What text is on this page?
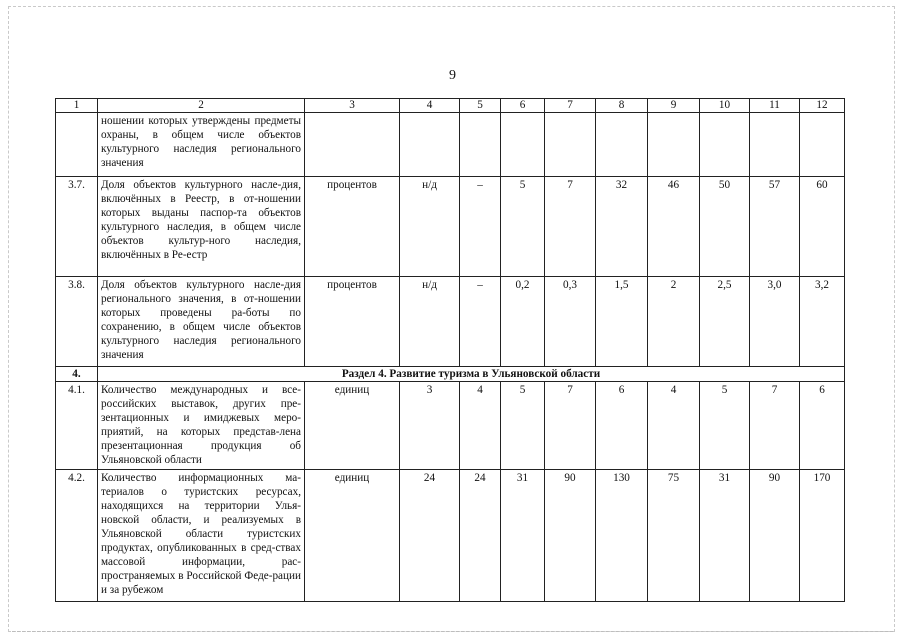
9
1	2	3	4	5	6	7	8	9	10	11	12
	ношении которых утверждены предметы охраны, в общем числе объектов культурного наследия регионального значения										
3.7.	Доля объектов культурного насле-дия, включённых в Реестр, в от-ношении которых выданы паспор-та объектов культурного наследия, в общем числе объектов культур-ного наследия, включённых в Ре-естр	процентов	н/д	–	5	7	32	46	50	57	60
3.8.	Доля объектов культурного насле-дия регионального значения, в от-ношении которых проведены ра-боты по сохранению, в общем числе объектов культурного наследия регионального значения	процентов	н/д	–	0,2	0,3	1,5	2	2,5	3,0	3,2
4.	Раздел 4. Развитие туризма в Ульяновской области										
4.1.	Количество международных и все-российских выставок, других пре-зентационных и имиджевых меро-приятий, на которых представ-лена презентационная продукция об Ульяновской области	единиц	3	4	5	7	6	4	5	7	6
4.2.	Количество информационных ма-териалов о туристских ресурсах, находящихся на территории Улья-новской области, и реализуемых в Ульяновской области туристских продуктах, опубликованных в сред-ствах массовой информации, рас-пространяемых в Российской Феде-рации и за рубежом	единиц	24	24	31	90	130	75	31	90	170
